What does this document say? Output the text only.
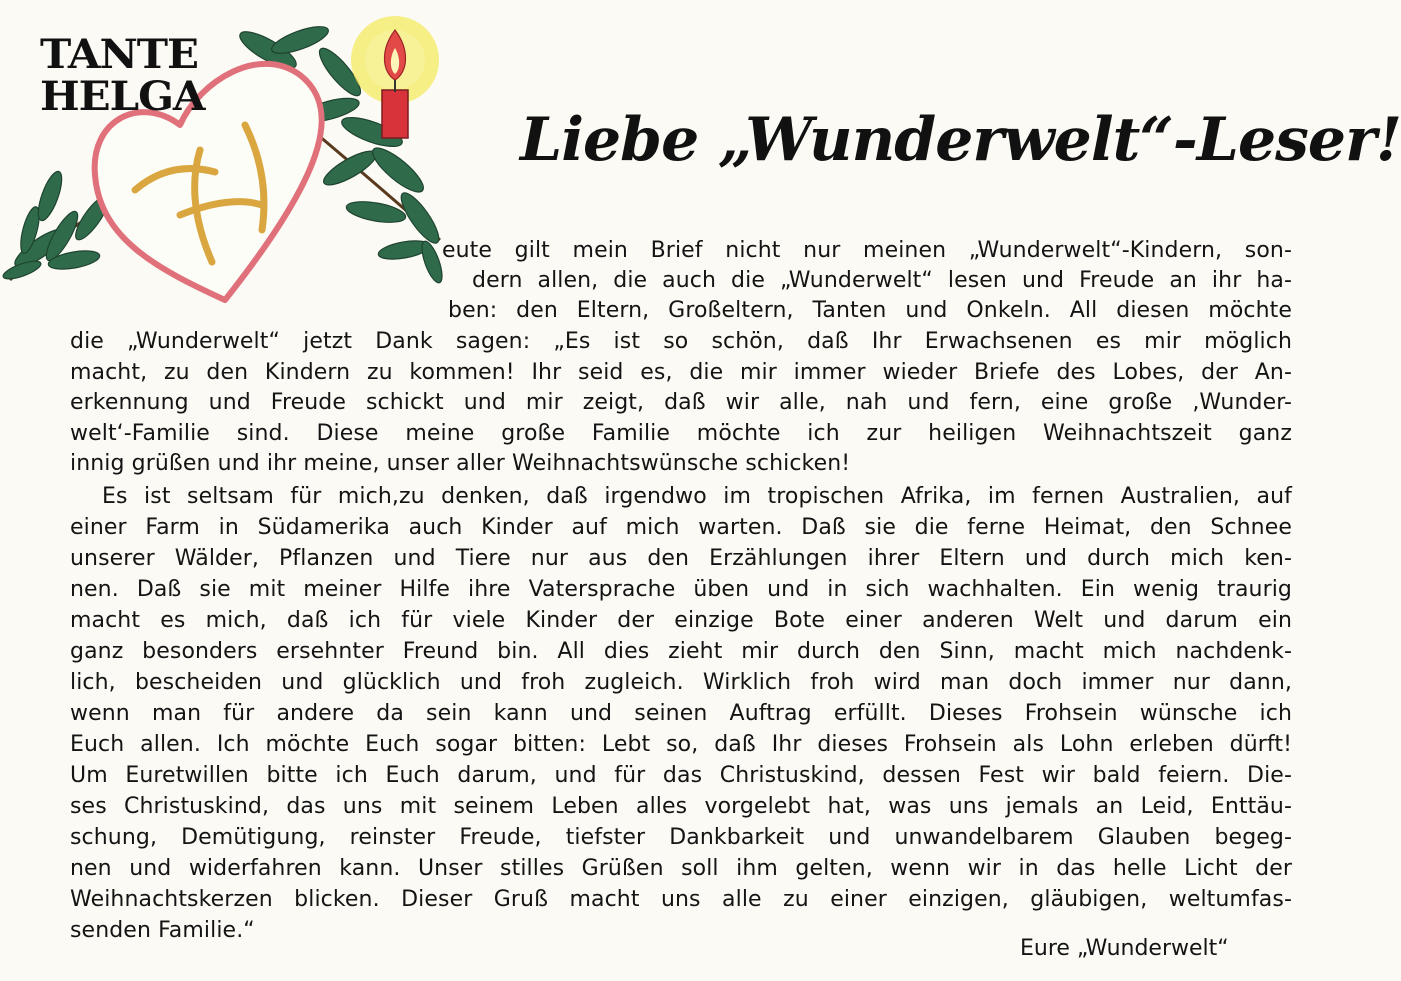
TANTE
HELGA
Liebe „Wunderwelt“-Leser!
eute gilt mein Brief nicht nur meinen „Wunderwelt“-Kindern, son-
dern allen, die auch die „Wunderwelt“ lesen und Freude an ihr ha-
ben: den Eltern, Großeltern, Tanten und Onkeln. All diesen möchte
die „Wunderwelt“ jetzt Dank sagen: „Es ist so schön, daß Ihr Erwachsenen es mir möglich
macht, zu den Kindern zu kommen! Ihr seid es, die mir immer wieder Briefe des Lobes, der An-
erkennung und Freude schickt und mir zeigt, daß wir alle, nah und fern, eine große ‚Wunder-
welt‘-Familie sind. Diese meine große Familie möchte ich zur heiligen Weihnachtszeit ganz
innig grüßen und ihr meine, unser aller Weihnachtswünsche schicken!
Es ist seltsam für mich,zu denken, daß irgendwo im tropischen Afrika, im fernen Australien, auf
einer Farm in Südamerika auch Kinder auf mich warten. Daß sie die ferne Heimat, den Schnee
unserer Wälder, Pflanzen und Tiere nur aus den Erzählungen ihrer Eltern und durch mich ken-
nen. Daß sie mit meiner Hilfe ihre Vatersprache üben und in sich wachhalten. Ein wenig traurig
macht es mich, daß ich für viele Kinder der einzige Bote einer anderen Welt und darum ein
ganz besonders ersehnter Freund bin. All dies zieht mir durch den Sinn, macht mich nachdenk-
lich, bescheiden und glücklich und froh zugleich. Wirklich froh wird man doch immer nur dann,
wenn man für andere da sein kann und seinen Auftrag erfüllt. Dieses Frohsein wünsche ich
Euch allen. Ich möchte Euch sogar bitten: Lebt so, daß Ihr dieses Frohsein als Lohn erleben dürft!
Um Euretwillen bitte ich Euch darum, und für das Christuskind, dessen Fest wir bald feiern. Die-
ses Christuskind, das uns mit seinem Leben alles vorgelebt hat, was uns jemals an Leid, Enttäu-
schung, Demütigung, reinster Freude, tiefster Dankbarkeit und unwandelbarem Glauben begeg-
nen und widerfahren kann. Unser stilles Grüßen soll ihm gelten, wenn wir in das helle Licht der
Weihnachtskerzen blicken. Dieser Gruß macht uns alle zu einer einzigen, gläubigen, weltumfas-
senden Familie.“
Eure „Wunderwelt“
